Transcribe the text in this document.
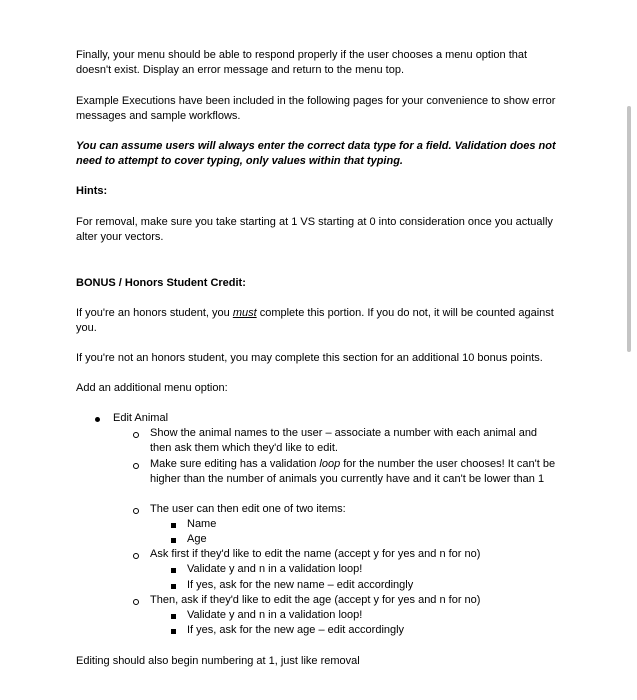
Finally, your menu should be able to respond properly if the user chooses a menu option that doesn't exist. Display an error message and return to the menu top.

Example Executions have been included in the following pages for your convenience to show error messages and sample workflows.

You can assume users will always enter the correct data type for a field. Validation does not need to attempt to cover typing, only values within that typing.

Hints:

For removal, make sure you take starting at 1 VS starting at 0 into consideration once you actually alter your vectors.

BONUS / Honors Student Credit:

If you're an honors student, you must complete this portion. If you do not, it will be counted against you.

If you're not an honors student, you may complete this section for an additional 10 bonus points.

Add an additional menu option:

Edit Animal

Show the animal names to the user – associate a number with each animal and then ask them which they'd like to edit.

Make sure editing has a validation loop for the number the user chooses! It can't be higher than the number of animals you currently have and it can't be lower than 1

The user can then edit one of two items:

Name

Age

Ask first if they'd like to edit the name (accept y for yes and n for no)

Validate y and n in a validation loop!

If yes, ask for the new name – edit accordingly

Then, ask if they'd like to edit the age (accept y for yes and n for no)

Validate y and n in a validation loop!

If yes, ask for the new age – edit accordingly

Editing should also begin numbering at 1, just like removal
